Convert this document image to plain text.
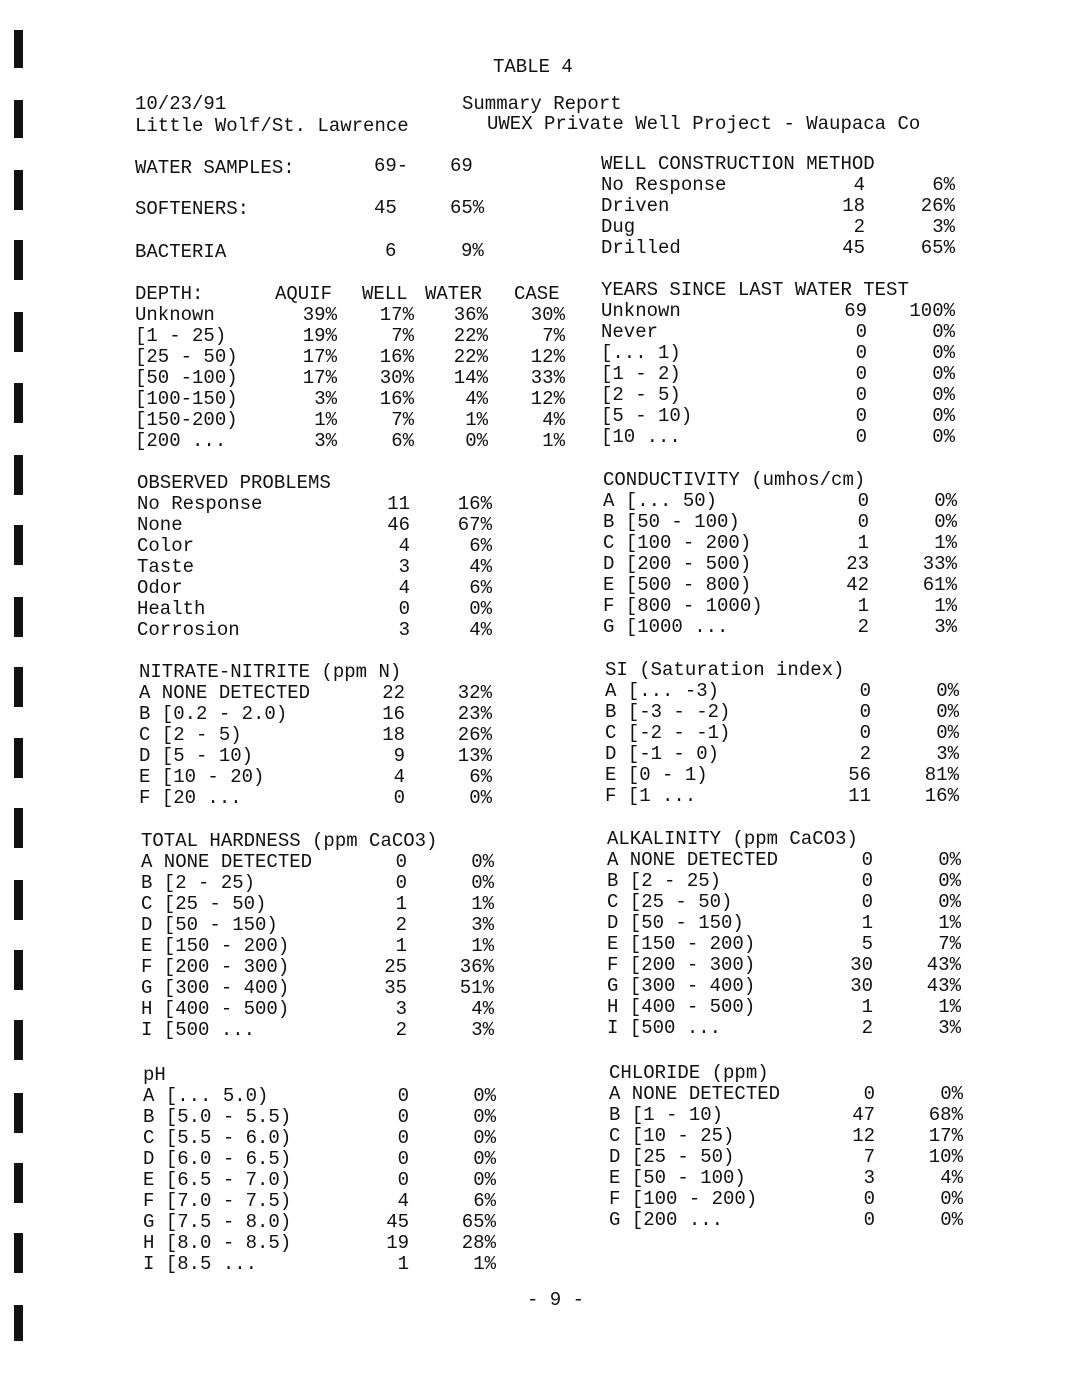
TABLE 4
10/23/91	Summary Report
Little Wolf/St. Lawrence	UWEX Private Well Project - Waupaca Co
WATER SAMPLES:	69- 69
SOFTENERS:	45	65%
BACTERIA	6	9%
DEPTH:	AQUIF WELL WATER CASE
Unknown	39% 17% 36% 30%
[1 - 25)	19%	7% 22%	7%
[25 - 50)	17% 16% 22% 12%
[50 -100)	17% 30% 14% 33%
[100-150)	3% 16%	4% 12%
[150-200)	1%	7%	1%	4%
[200 ...	3%	6%	0%	1%
OBSERVED PROBLEMS
No Response	11	16%
None	46	67%
Color	4	6%
Taste	3	4%
Odor	4	6%
Health	0	0%
Corrosion	3	4%
NITRATE-NITRITE (ppm N)
A NONE DETECTED	22	32%
B [0.2 - 2.0)	16	23%
C [2 - 5)	18	26%
D [5 - 10)	9	13%
E [10 - 20)	4	6%
F [20 ...	0	0%
TOTAL HARDNESS (ppm CaCO3)
A NONE DETECTED	0	0%
B [2 - 25)	0	0%
C [25 - 50)	1	1%
D [50 - 150)	2	3%
E [150 - 200)	1	1%
F [200 - 300)	25	36%
G [300 - 400)	35	51%
H [400 - 500)	3	4%
I [500 ...	2	3%
pH
A [... 5.0)	0	0%
B [5.0 - 5.5)	0	0%
C [5.5 - 6.0)	0	0%
D [6.0 - 6.5)	0	0%
E [6.5 - 7.0)	0	0%
F [7.0 - 7.5)	4	6%
G [7.5 - 8.0)	45	65%
H [8.0 - 8.5)	19	28%
I [8.5 ...	1	1%
WELL CONSTRUCTION METHOD
No Response	4	6%
Driven	18	26%
Dug	2	3%
Drilled	45	65%
YEARS SINCE LAST WATER TEST
Unknown	69 100%
Never	0	0%
[... 1)	0	0%
[1 - 2)	0	0%
[2 - 5)	0	0%
[5 - 10)	0	0%
[10 ...	0	0%
CONDUCTIVITY (umhos/cm)
A [... 50)	0	0%
B [50 - 100)	0	0%
C [100 - 200)	1	1%
D [200 - 500)	23	33%
E [500 - 800)	42	61%
F [800 - 1000)	1	1%
G [1000 ...	2	3%
SI (Saturation index)
A [... -3)	0	0%
B [-3 - -2)	0	0%
C [-2 - -1)	0	0%
D [-1 - 0)	2	3%
E [0 - 1)	56	81%
F [1 ...	11	16%
ALKALINITY (ppm CaCO3)
A NONE DETECTED	0	0%
B [2 - 25)	0	0%
C [25 - 50)	0	0%
D [50 - 150)	1	1%
E [150 - 200)	5	7%
F [200 - 300)	30	43%
G [300 - 400)	30	43%
H [400 - 500)	1	1%
I [500 ...	2	3%
CHLORIDE (ppm)
A NONE DETECTED	0	0%
B [1 - 10)	47	68%
C [10 - 25)	12	17%
D [25 - 50)	7	10%
E [50 - 100)	3	4%
F [100 - 200)	0	0%
G [200 ...	0	0%
- 9 -
